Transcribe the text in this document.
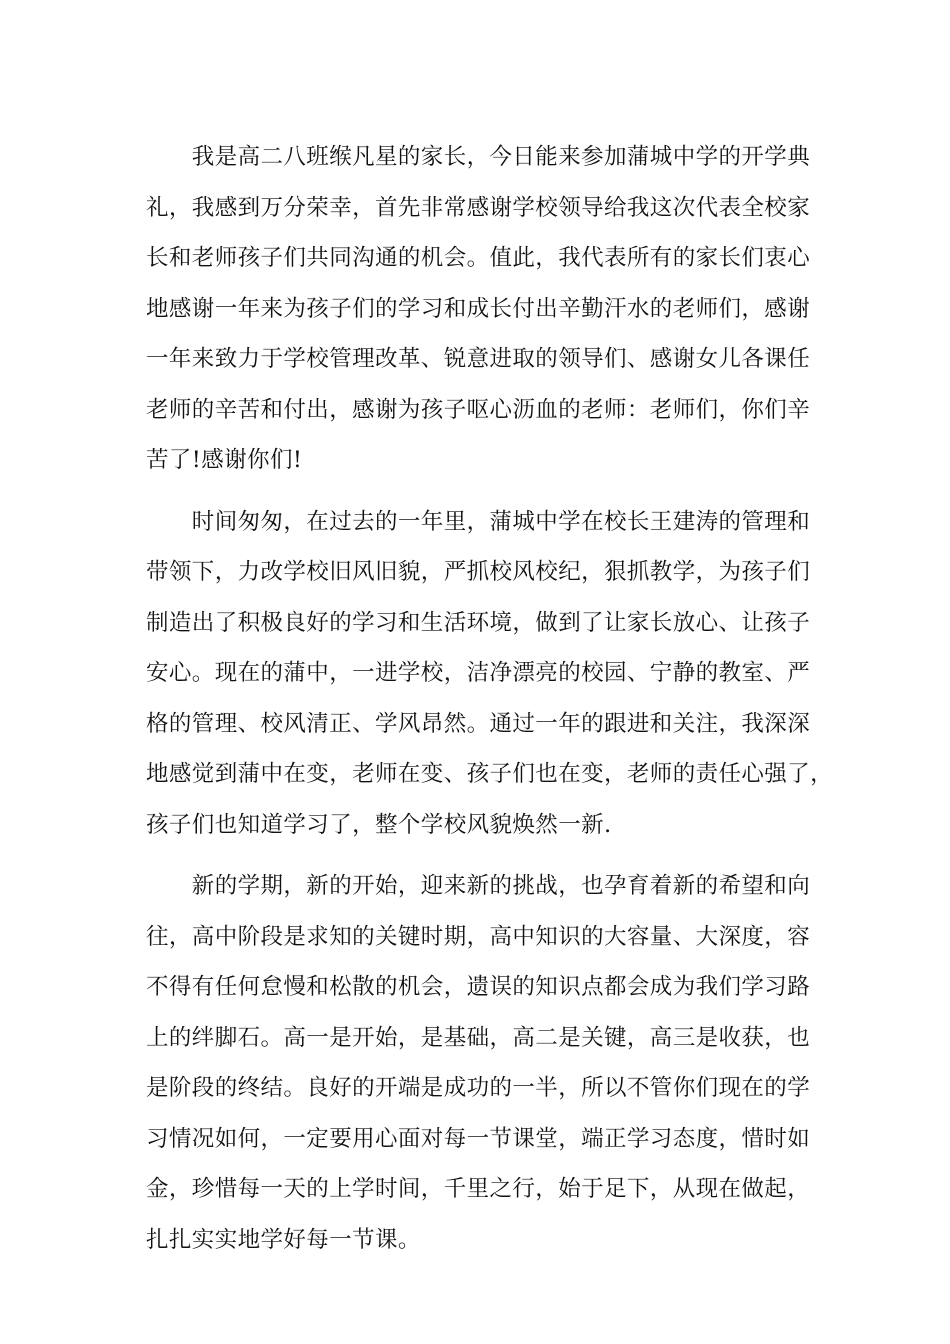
　　我是高二八班缑凡星的家长，今日能来参加蒲城中学的开学典
礼，我感到万分荣幸，首先非常感谢学校领导给我这次代表全校家
长和老师孩子们共同沟通的机会。值此，我代表所有的家长们衷心
地感谢一年来为孩子们的学习和成长付出辛勤汗水的老师们，感谢
一年来致力于学校管理改革、锐意进取的领导们、感谢女儿各课任
老师的辛苦和付出，感谢为孩子呕心沥血的老师：老师们，你们辛
苦了!感谢你们!
　　时间匆匆，在过去的一年里，蒲城中学在校长王建涛的管理和
带领下，力改学校旧风旧貌，严抓校风校纪，狠抓教学，为孩子们
制造出了积极良好的学习和生活环境，做到了让家长放心、让孩子
安心。现在的蒲中，一进学校，洁净漂亮的校园、宁静的教室、严
格的管理、校风清正、学风昂然。通过一年的跟进和关注，我深深
地感觉到蒲中在变，老师在变、孩子们也在变，老师的责任心强了，
孩子们也知道学习了，整个学校风貌焕然一新.
　　新的学期，新的开始，迎来新的挑战，也孕育着新的希望和向
往，高中阶段是求知的关键时期，高中知识的大容量、大深度，容
不得有任何怠慢和松散的机会，遗误的知识点都会成为我们学习路
上的绊脚石。高一是开始，是基础，高二是关键，高三是收获，也
是阶段的终结。良好的开端是成功的一半，所以不管你们现在的学
习情况如何，一定要用心面对每一节课堂，端正学习态度，惜时如
金，珍惜每一天的上学时间，千里之行，始于足下，从现在做起，
扎扎实实地学好每一节课。
